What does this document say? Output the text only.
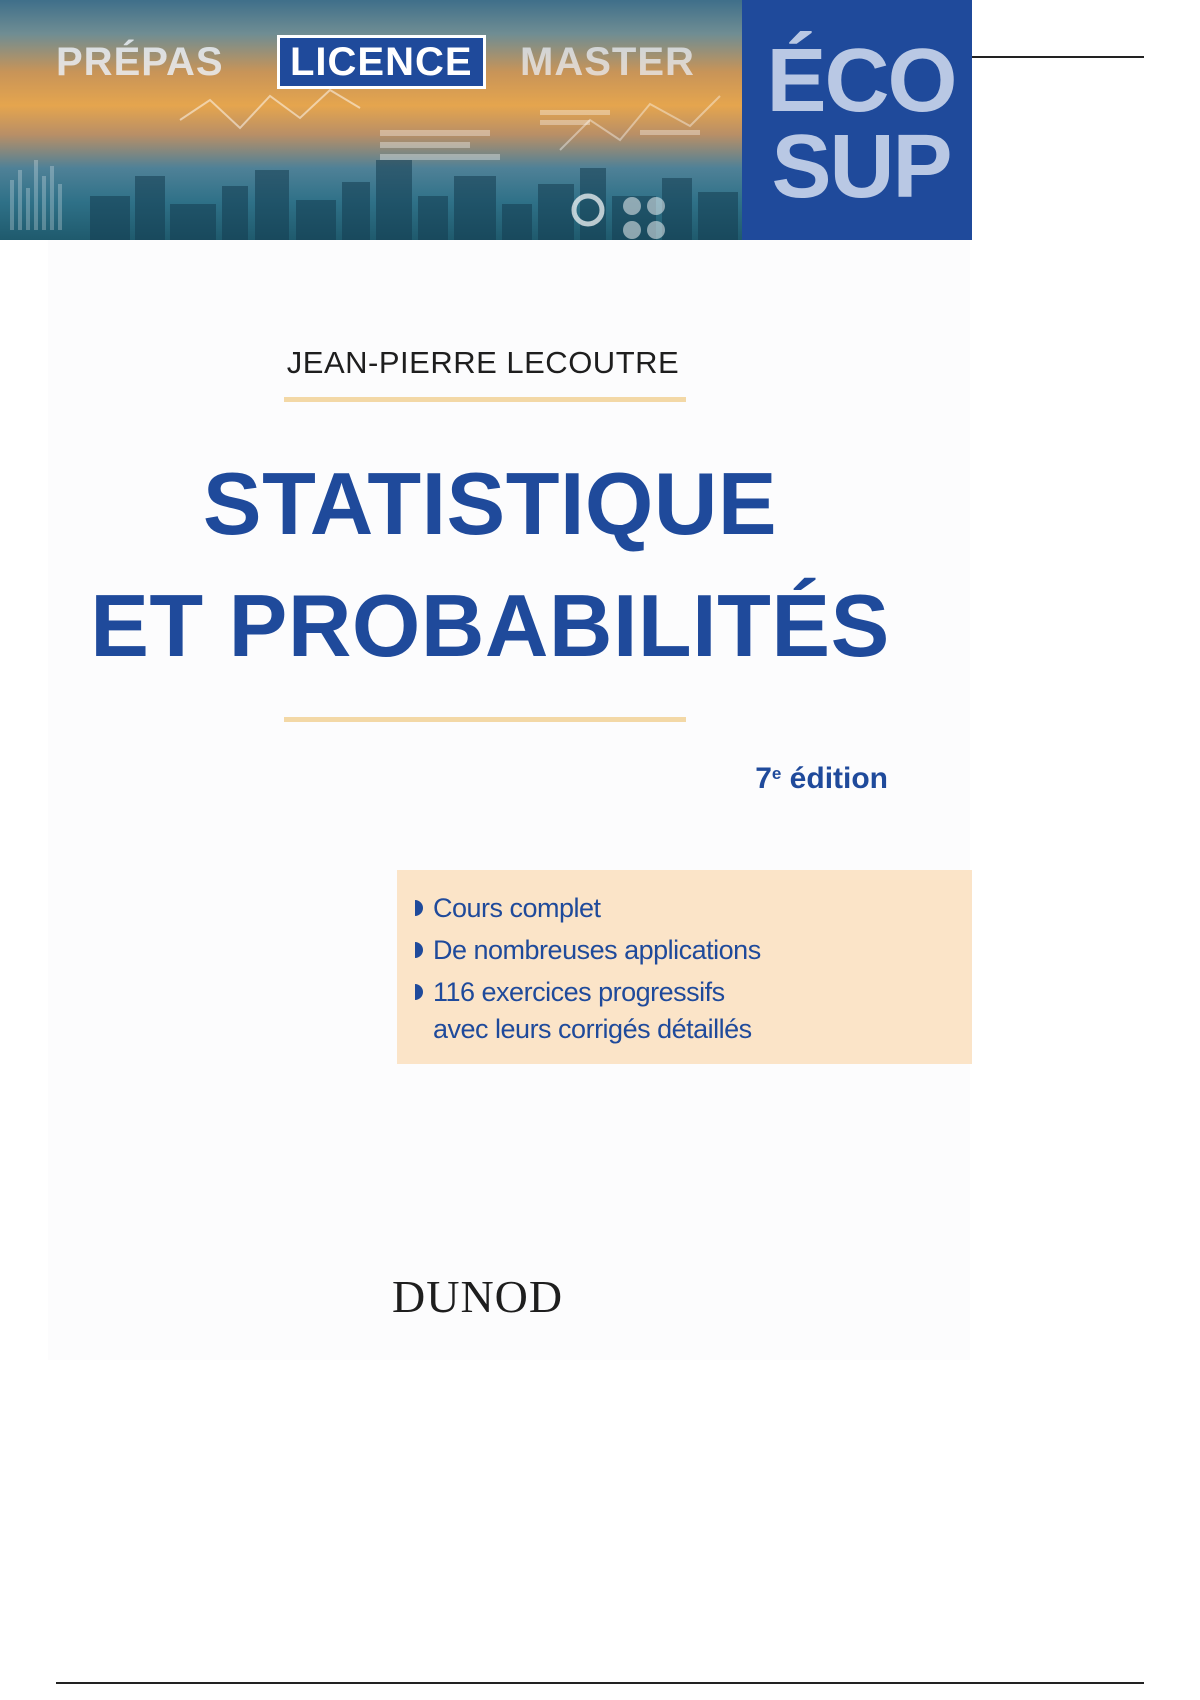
PRÉPAS	LICENCE	MASTER ÉCO
SUP
JEAN-PIERRE LECOUTRE
STATISTIQUE
ET PROBABILITÉS
7e édition
Cours complet
De nombreuses applications
116 exercices progressifs
avec leurs corrigés détaillés
DUNOD
